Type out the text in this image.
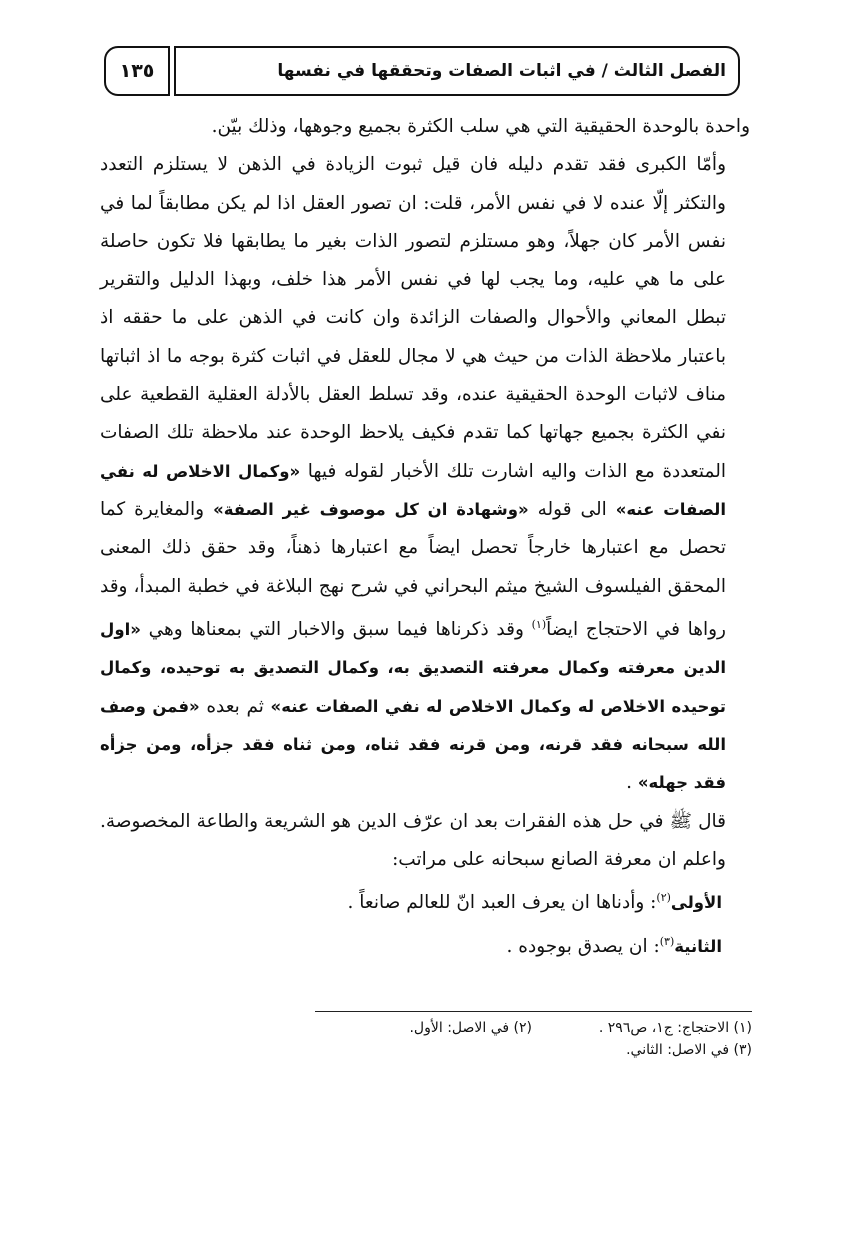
الفصل الثالث / في اثبات الصفات وتحققها في نفسها
١٣٥

واحدة بالوحدة الحقيقية التي هي سلب الكثرة بجميع وجوهها، وذلك بيّن.

وأمّا الكبرى فقد تقدم دليله فان قيل ثبوت الزيادة في الذهن لا يستلزم التعدد والتكثر إلّا عنده لا في نفس الأمر، قلت: ان تصور العقل اذا لم يكن مطابقاً لما في نفس الأمر كان جهلاً، وهو مستلزم لتصور الذات بغير ما يطابقها فلا تكون حاصلة على ما هي عليه، وما يجب لها في نفس الأمر هذا خلف، وبهذا الدليل والتقرير تبطل المعاني والأحوال والصفات الزائدة وان كانت في الذهن على ما حققه اذ باعتبار ملاحظة الذات من حيث هي لا مجال للعقل في اثبات كثرة بوجه ما اذ اثباتها مناف لاثبات الوحدة الحقيقية عنده، وقد تسلط العقل بالأدلة العقلية القطعية على نفي الكثرة بجميع جهاتها كما تقدم فكيف يلاحظ الوحدة عند ملاحظة تلك الصفات المتعددة مع الذات واليه اشارت تلك الأخبار لقوله فيها «وكمال الاخلاص له نفي الصفات عنه» الى قوله «وشهادة ان كل موصوف غير الصفة» والمغايرة كما تحصل مع اعتبارها خارجاً تحصل ايضاً مع اعتبارها ذهناً، وقد حقق ذلك المعنى المحقق الفيلسوف الشيخ ميثم البحراني في شرح نهج البلاغة في خطبة المبدأ، وقد رواها في الاحتجاج ايضاً$^{(١)}$ وقد ذكرناها فيما سبق والاخبار التي بمعناها وهي «اول الدين معرفته وكمال معرفته التصديق به، وكمال التصديق به توحيده، وكمال توحيده الاخلاص له وكمال الاخلاص له نفي الصفات عنه» ثم بعده «فمن وصف الله سبحانه فقد قرنه، ومن قرنه فقد ثناه، ومن ثناه فقد جزأه، ومن جزأه فقد جهله» .

قال ﷺ في حل هذه الفقرات بعد ان عرّف الدين هو الشريعة والطاعة المخصوصة. واعلم ان معرفة الصانع سبحانه على مراتب:

الأولى$^{(٢)}$: وأدناها ان يعرف العبد انّ للعالم صانعاً .

الثانية$^{(٣)}$: ان يصدق بوجوده .

(١) الاحتجاج: ج١، ص٢٩٦ .
(٢) في الاصل: الأول.
(٣) في الاصل: الثاني.
